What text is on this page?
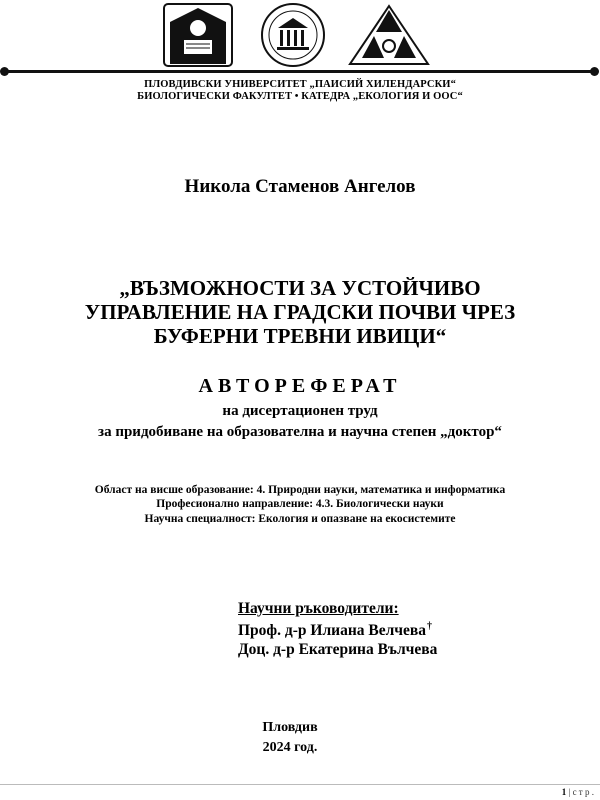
ПЛОВДИВСКИ УНИВЕРСИТЕТ „ПАИСИЙ ХИЛЕНДАРСКИ“
БИОЛОГИЧЕСКИ ФАКУЛТЕТ • КАТЕДРА „ЕКОЛОГИЯ И ООС“
Никола Стаменов Ангелов
„ВЪЗМОЖНОСТИ ЗА УСТОЙЧИВО
УПРАВЛЕНИЕ НА ГРАДСКИ ПОЧВИ ЧРЕЗ
БУФЕРНИ ТРЕВНИ ИВИЦИ“
АВТОРЕФЕРАТ
на дисертационен труд
за придобиване на образователна и научна степен „доктор“
Област на висше образование: 4. Природни науки, математика и информатика
Професионално направление: 4.3. Биологически науки
Научна специалност: Екология и опазване на екосистемите
Научни ръководители:
Проф. д-р Илиана Велчева†
Доц. д-р Екатерина Вълчева
Пловдив
2024 год.
1 | с т р .
